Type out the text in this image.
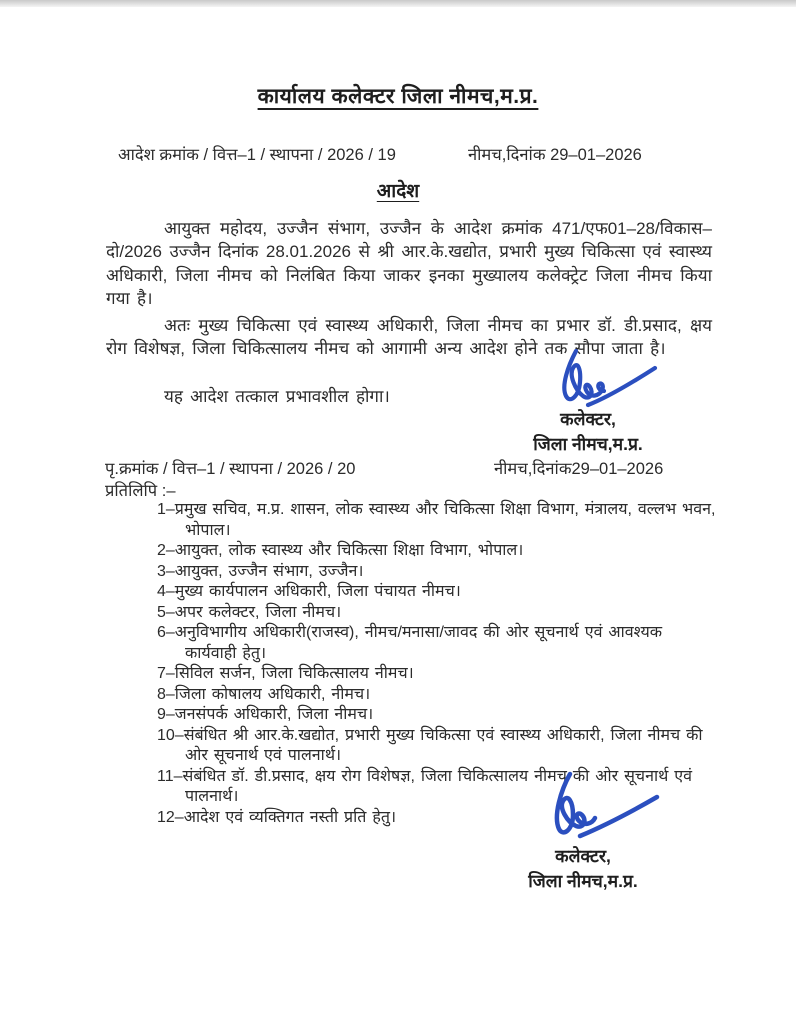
कार्यालय कलेक्टर जिला नीमच,म.प्र.
आदेश क्रमांक / वित्त–1 / स्थापना / 2026 / 19	नीमच,दिनांक 29–01–2026
आदेश

आयुक्त महोदय, उज्जैन संभाग, उज्जैन के आदेश क्रमांक 471/एफ01–28/विकास–दो/2026 उज्जैन दिनांक 28.01.2026 से श्री आर.के.खद्योत, प्रभारी मुख्य चिकित्सा एवं स्वास्थ्य अधिकारी, जिला नीमच को निलंबित किया जाकर इनका मुख्यालय कलेक्ट्रेट जिला नीमच किया गया है।

अतः मुख्य चिकित्सा एवं स्वास्थ्य अधिकारी, जिला नीमच का प्रभार डॉ. डी.प्रसाद, क्षय रोग विशेषज्ञ, जिला चिकित्सालय नीमच को आगामी अन्य आदेश होने तक सौपा जाता है।

यह आदेश तत्काल प्रभावशील होगा।

कलेक्टर,
जिला नीमच,म.प्र.
पृ.क्रमांक / वित्त–1 / स्थापना / 2026 / 20	नीमच,दिनांक29–01–2026
प्रतिलिपि :–
1–प्रमुख सचिव, म.प्र. शासन, लोक स्वास्थ्य और चिकित्सा शिक्षा विभाग, मंत्रालय, वल्लभ भवन, भोपाल।
2–आयुक्त, लोक स्वास्थ्य और चिकित्सा शिक्षा विभाग, भोपाल।
3–आयुक्त, उज्जैन संभाग, उज्जैन।
4–मुख्य कार्यपालन अधिकारी, जिला पंचायत नीमच।
5–अपर कलेक्टर, जिला नीमच।
6–अनुविभागीय अधिकारी(राजस्व), नीमच/मनासा/जावद की ओर सूचनार्थ एवं आवश्यक कार्यवाही हेतु।
7–सिविल सर्जन, जिला चिकित्सालय नीमच।
8–जिला कोषालय अधिकारी, नीमच।
9–जनसंपर्क अधिकारी, जिला नीमच।
10–संबंधित श्री आर.के.खद्योत, प्रभारी मुख्य चिकित्सा एवं स्वास्थ्य अधिकारी, जिला नीमच की ओर सूचनार्थ एवं पालनार्थ।
11–संबंधित डॉ. डी.प्रसाद, क्षय रोग विशेषज्ञ, जिला चिकित्सालय नीमच की ओर सूचनार्थ एवं पालनार्थ।
12–आदेश एवं व्यक्तिगत नस्ती प्रति हेतु।
कलेक्टर,
जिला नीमच,म.प्र.
